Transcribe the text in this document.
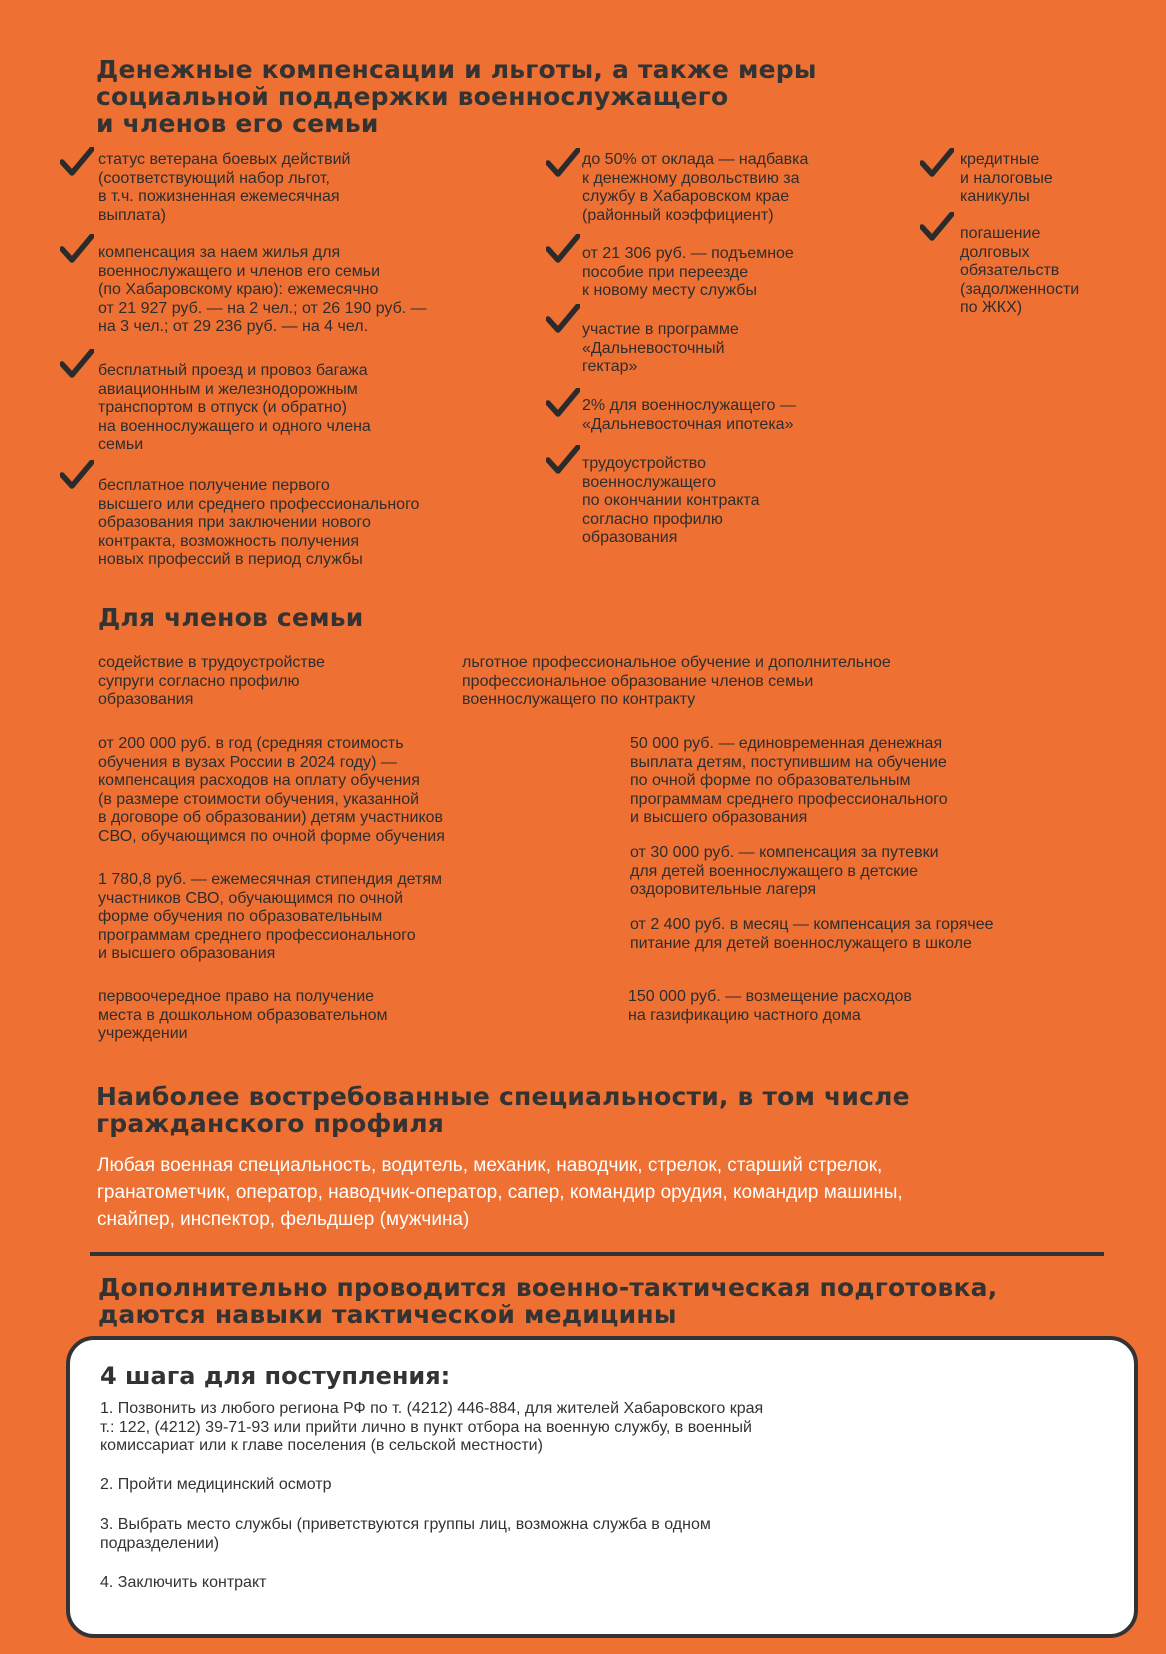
Денежные компенсации и льготы, а также меры
социальной поддержки военнослужащего
и членов его семьи
статус ветерана боевых действий
(соответствующий набор льгот,
в т.ч. пожизненная ежемесячная
выплата)
компенсация за наем жилья для
военнослужащего и членов его семьи
(по Хабаровскому краю): ежемесячно
от 21 927 руб. — на 2 чел.; от 26 190 руб. —
на 3 чел.; от 29 236 руб. — на 4 чел.
бесплатный проезд и провоз багажа
авиационным и железнодорожным
транспортом в отпуск (и обратно)
на военнослужащего и одного члена
семьи
бесплатное получение первого
высшего или среднего профессионального
образования при заключении нового
контракта, возможность получения
новых профессий в период службы
до 50% от оклада — надбавка
к денежному довольствию за
службу в Хабаровском крае
(районный коэффициент)
от 21 306 руб. — подъемное
пособие при переезде
к новому месту службы
участие в программе
«Дальневосточный
гектар»
2% для военнослужащего —
«Дальневосточная ипотека»
трудоустройство
военнослужащего
по окончании контракта
согласно профилю
образования
кредитные
и налоговые
каникулы
погашение
долговых
обязательств
(задолженности
по ЖКХ)
Для членов семьи
содействие в трудоустройстве
супруги согласно профилю
образования
льготное профессиональное обучение и дополнительное
профессиональное образование членов семьи
военнослужащего по контракту
от 200 000 руб. в год (средняя стоимость
обучения в вузах России в 2024 году) —
компенсация расходов на оплату обучения
(в размере стоимости обучения, указанной
в договоре об образовании) детям участников
СВО, обучающимся по очной форме обучения
1 780,8 руб. — ежемесячная стипендия детям
участников СВО, обучающимся по очной
форме обучения по образовательным
программам среднего профессионального
и высшего образования
первоочередное право на получение
места в дошкольном образовательном
учреждении
50 000 руб. — единовременная денежная
выплата детям, поступившим на обучение
по очной форме по образовательным
программам среднего профессионального
и высшего образования
от 30 000 руб. — компенсация за путевки
для детей военнослужащего в детские
оздоровительные лагеря
от 2 400 руб. в месяц — компенсация за горячее
питание для детей военнослужащего в школе
150 000 руб. — возмещение расходов
на газификацию частного дома
Наиболее востребованные специальности, в том числе
гражданского профиля
Любая военная специальность, водитель, механик, наводчик, стрелок, старший стрелок,
гранатометчик, оператор, наводчик-оператор, сапер, командир орудия, командир машины,
снайпер, инспектор, фельдшер (мужчина)
Дополнительно проводится военно-тактическая подготовка,
даются навыки тактической медицины
4 шага для поступления:
1. Позвонить из любого региона РФ по т. (4212) 446-884, для жителей Хабаровского края
т.: 122, (4212) 39-71-93 или прийти лично в пункт отбора на военную службу, в военный
комиссариат или к главе поселения (в сельской местности)
2. Пройти медицинский осмотр
3. Выбрать место службы (приветствуются группы лиц, возможна служба в одном
подразделении)
4. Заключить контракт
